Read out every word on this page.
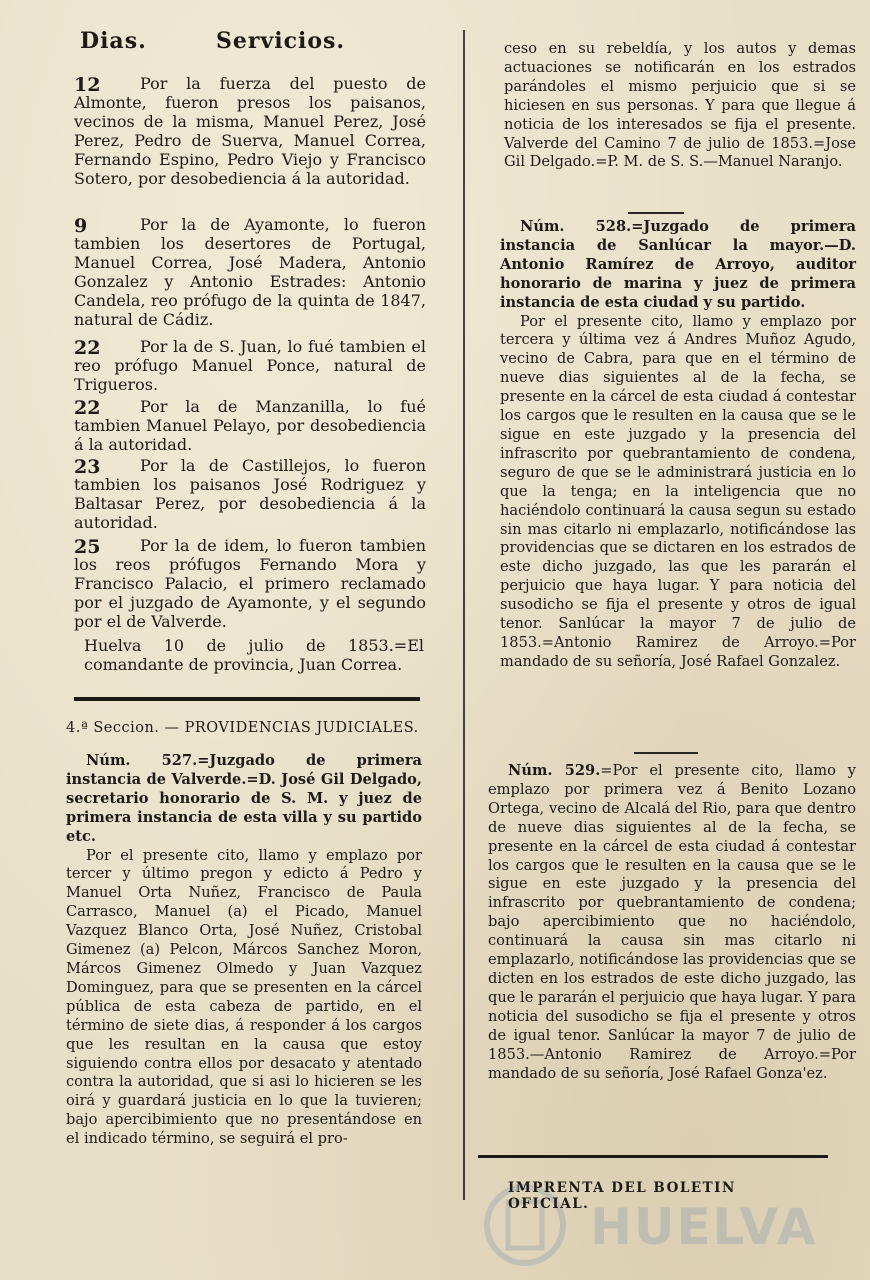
Dias.	Servicios.
12	Por la fuerza del puesto de Almonte, fueron presos los paisanos, vecinos de la misma, Manuel Perez, José Perez, Pedro de Suerva, Manuel Correa, Fernando Espino, Pedro Viejo y Francisco Sotero, por desobediencia á la autoridad.

9	Por la de Ayamonte, lo fueron tambien los desertores de Portugal, Manuel Correa, José Madera, Antonio Gonzalez y Antonio Estrades: Antonio Candela, reo prófugo de la quinta de 1847, natural de Cádiz.

22	Por la de S. Juan, lo fué tambien el reo prófugo Manuel Ponce, natural de Trigueros.

22	Por la de Manzanilla, lo fué tambien Manuel Pelayo, por desobediencia á la autoridad.

23	Por la de Castillejos, lo fueron tambien los paisanos José Rodriguez y Baltasar Perez, por desobediencia á la autoridad.

25	Por la de idem, lo fueron tambien los reos prófugos Fernando Mora y Francisco Palacio, el primero reclamado por el juzgado de Ayamonte, y el segundo por el de Valverde.

Huelva 10 de julio de 1853.=El comandante de provincia, Juan Correa.

4.ª Seccion. — PROVIDENCIAS JUDICIALES.

Núm. 527.=Juzgado de primera instancia de Valverde.=D. José Gil Delgado, secretario honorario de S. M. y juez de primera instancia de esta villa y su partido etc.

Por el presente cito, llamo y emplazo por tercer y último pregon y edicto á Pedro y Manuel Orta Nuñez, Francisco de Paula Carrasco, Manuel (a) el Picado, Manuel Vazquez Blanco Orta, José Nuñez, Cristobal Gimenez (a) Pelcon, Márcos Sanchez Moron, Márcos Gimenez Olmedo y Juan Vazquez Dominguez, para que se presenten en la cárcel pública de esta cabeza de partido, en el término de siete dias, á responder á los cargos que les resultan en la causa que estoy siguiendo contra ellos por desacato y atentado contra la autoridad, que si asi lo hicieren se les oirá y guardará justicia en lo que la tuvieren; bajo apercibimiento que no presentándose en el indicado término, se seguirá el pro-

ceso en su rebeldía, y los autos y demas actuaciones se notificarán en los estrados parándoles el mismo perjuicio que si se hiciesen en sus personas. Y para que llegue á noticia de los interesados se fija el presente. Valverde del Camino 7 de julio de 1853.=Jose Gil Delgado.=P. M. de S. S.—Manuel Naranjo.

Núm. 528.=Juzgado de primera instancia de Sanlúcar la mayor.—D. Antonio Ramírez de Arroyo, auditor honorario de marina y juez de primera instancia de esta ciudad y su partido.

Por el presente cito, llamo y emplazo por tercera y última vez á Andres Muñoz Agudo, vecino de Cabra, para que en el término de nueve dias siguientes al de la fecha, se presente en la cárcel de esta ciudad á contestar los cargos que le resulten en la causa que se le sigue en este juzgado y la presencia del infrascrito por quebrantamiento de condena, seguro de que se le administrará justicia en lo que la tenga; en la inteligencia que no haciéndolo continuará la causa segun su estado sin mas citarlo ni emplazarlo, notificándose las providencias que se dictaren en los estrados de este dicho juzgado, las que les pararán el perjuicio que haya lugar. Y para noticia del susodicho se fija el presente y otros de igual tenor. Sanlúcar la mayor 7 de julio de 1853.=Antonio Ramirez de Arroyo.=Por mandado de su señoría, José Rafael Gonzalez.

Núm. 529.=Por el presente cito, llamo y emplazo por primera vez á Benito Lozano Ortega, vecino de Alcalá del Rio, para que dentro de nueve dias siguientes al de la fecha, se presente en la cárcel de esta ciudad á contestar los cargos que le resulten en la causa que se le sigue en este juzgado y la presencia del infrascrito por quebrantamiento de condena; bajo apercibimiento que no haciéndolo, continuará la causa sin mas citarlo ni emplazarlo, notificándose las providencias que se dicten en los estrados de este dicho juzgado, las que le pararán el perjuicio que haya lugar. Y para noticia del susodicho se fija el presente y otros de igual tenor. Sanlúcar la mayor 7 de julio de 1853.—Antonio Ramirez de Arroyo.=Por mandado de su señoría, José Rafael Gonza'ez.

HUELVA
IMPRENTA DEL BOLETIN OFICIAL.
